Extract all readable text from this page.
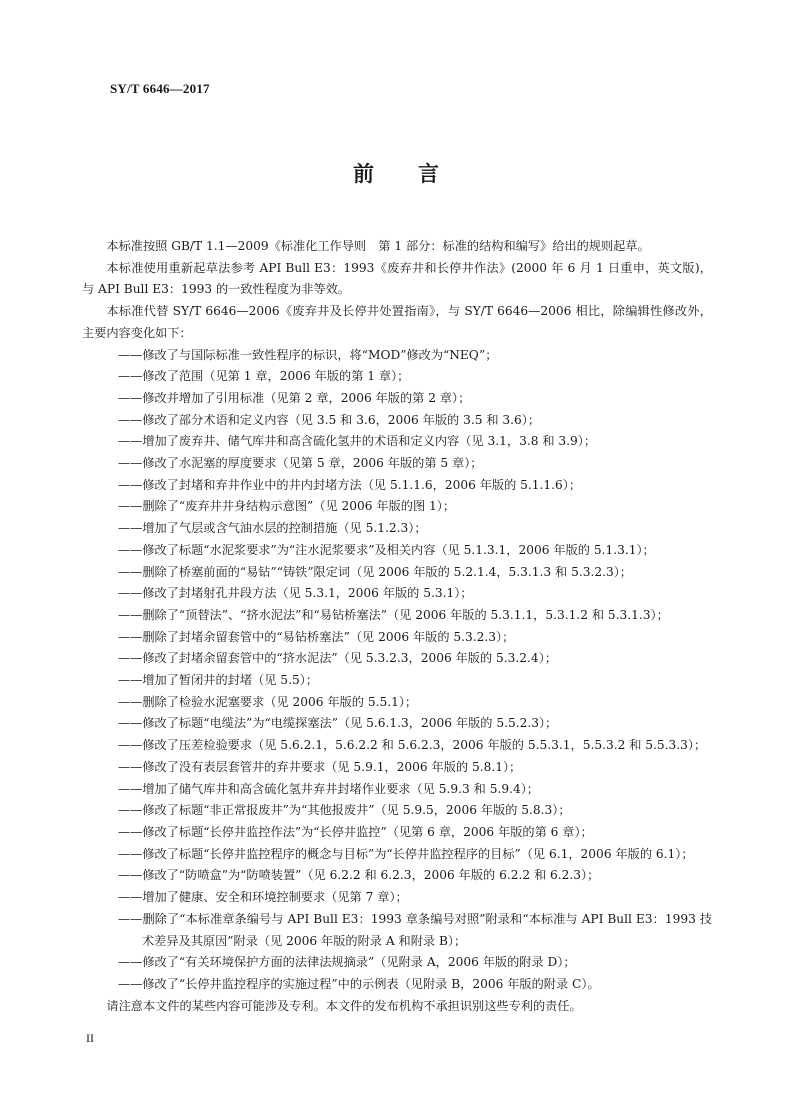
SY/T 6646—2017
前 言

本标准按照 GB/T 1.1—2009《标准化工作导则　第 1 部分：标准的结构和编写》给出的规则起草。

本标准使用重新起草法参考 API Bull E3：1993《废弃井和长停井作法》(2000 年 6 月 1 日重申，英文版)，与 API Bull E3：1993 的一致性程度为非等效。

本标准代替 SY/T 6646—2006《废弃井及长停井处置指南》，与 SY/T 6646—2006 相比，除编辑性修改外，主要内容变化如下：

——修改了与国际标准一致性程序的标识，将“MOD”修改为“NEQ”；

——修改了范围（见第 1 章，2006 年版的第 1 章）；

——修改并增加了引用标准（见第 2 章，2006 年版的第 2 章）；

——修改了部分术语和定义内容（见 3.5 和 3.6，2006 年版的 3.5 和 3.6）；

——增加了废弃井、储气库井和高含硫化氢井的术语和定义内容（见 3.1，3.8 和 3.9）；

——修改了水泥塞的厚度要求（见第 5 章，2006 年版的第 5 章）；

——修改了封堵和弃井作业中的井内封堵方法（见 5.1.1.6，2006 年版的 5.1.1.6）；

——删除了“废弃井井身结构示意图”（见 2006 年版的图 1）；

——增加了气层或含气油水层的控制措施（见 5.1.2.3）；

——修改了标题“水泥浆要求”为“注水泥浆要求”及相关内容（见 5.1.3.1，2006 年版的 5.1.3.1）；

——删除了桥塞前面的“易钻”“铸铁”限定词（见 2006 年版的 5.2.1.4，5.3.1.3 和 5.3.2.3）；

——修改了封堵射孔井段方法（见 5.3.1，2006 年版的 5.3.1）；

——删除了“顶替法”、“挤水泥法”和“易钻桥塞法”（见 2006 年版的 5.3.1.1，5.3.1.2 和 5.3.1.3）；

——删除了封堵余留套管中的“易钻桥塞法”（见 2006 年版的 5.3.2.3）；

——修改了封堵余留套管中的“挤水泥法”（见 5.3.2.3，2006 年版的 5.3.2.4）；

——增加了暂闭井的封堵（见 5.5）；

——删除了检验水泥塞要求（见 2006 年版的 5.5.1）；

——修改了标题“电缆法”为“电缆探塞法”（见 5.6.1.3，2006 年版的 5.5.2.3）；

——修改了压差检验要求（见 5.6.2.1，5.6.2.2 和 5.6.2.3，2006 年版的 5.5.3.1，5.5.3.2 和 5.5.3.3）；

——修改了没有表层套管井的弃井要求（见 5.9.1，2006 年版的 5.8.1）；

——增加了储气库井和高含硫化氢井弃井封堵作业要求（见 5.9.3 和 5.9.4）；

——修改了标题“非正常报废井”为“其他报废井”（见 5.9.5，2006 年版的 5.8.3）；

——修改了标题“长停井监控作法”为“长停井监控”（见第 6 章，2006 年版的第 6 章）；

——修改了标题“长停井监控程序的概念与目标”为“长停井监控程序的目标”（见 6.1，2006 年版的 6.1）；

——修改了“防喷盒”为“防喷装置”（见 6.2.2 和 6.2.3，2006 年版的 6.2.2 和 6.2.3）；

——增加了健康、安全和环境控制要求（见第 7 章）；

——删除了“本标准章条编号与 API Bull E3：1993 章条编号对照”附录和“本标准与 API Bull E3：1993 技术差异及其原因”附录（见 2006 年版的附录 A 和附录 B）；

——修改了“有关环境保护方面的法律法规摘录”（见附录 A，2006 年版的附录 D）；

——修改了“长停井监控程序的实施过程”中的示例表（见附录 B，2006 年版的附录 C）。

请注意本文件的某些内容可能涉及专利。本文件的发布机构不承担识别这些专利的责任。

II
